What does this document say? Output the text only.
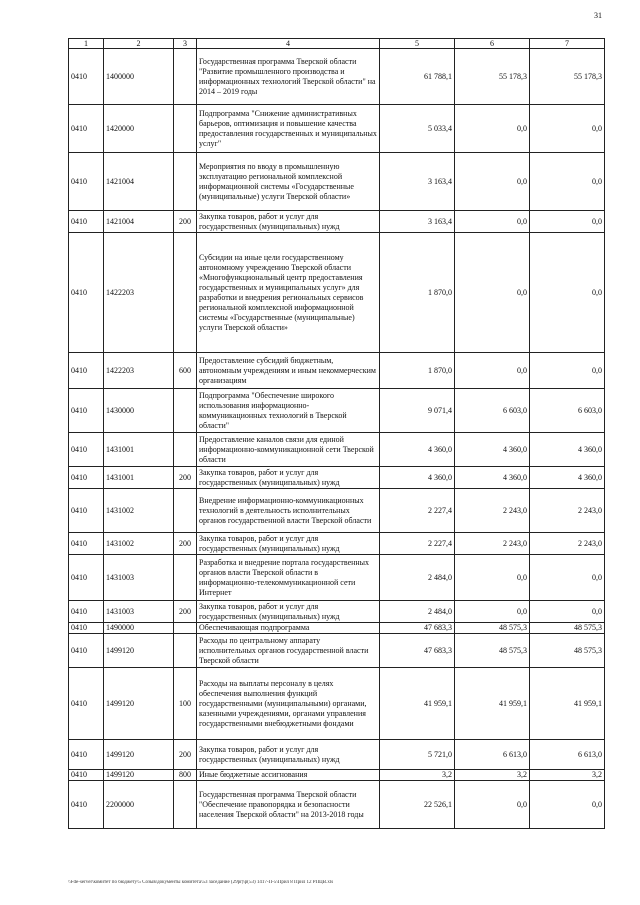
31
1	2	3	4	5	6	7
0410	1400000		Государственная программа Тверской области "Развитие промышленного производства и информационных технологий Тверской области" на 2014 – 2019 годы	61 788,1	55 178,3	55 178,3
0410	1420000		Подпрограмма "Снижение административных барьеров, оптимизация и повышение качества предоставления государственных и муниципальных услуг"	5 033,4	0,0	0,0
0410	1421004		Мероприятия по вводу в промышленную эксплуатацию региональной комплексной информационной системы «Государственные (муниципальные) услуги Тверской области»	3 163,4	0,0	0,0
0410	1421004	200	Закупка товаров, работ и услуг для государственных (муниципальных) нужд	3 163,4	0,0	0,0
0410	1422203		Субсидии на иные цели государственному автономному учреждению Тверской области «Многофункциональный центр предоставления государственных и муниципальных услуг» для разработки и внедрения региональных сервисов региональной комплексной информационной системы «Государственные (муниципальные) услуги Тверской области»	1 870,0	0,0	0,0
0410	1422203	600	Предоставление субсидий бюджетным, автономным учреждениям и иным некоммерческим организациям	1 870,0	0,0	0,0
0410	1430000		Подпрограмма "Обеспечение широкого использования информационно-коммуникационных технологий в Тверской области"	9 071,4	6 603,0	6 603,0
0410	1431001		Предоставление каналов связи для единой информационно-коммуникационной сети Тверской области	4 360,0	4 360,0	4 360,0
0410	1431001	200	Закупка товаров, работ и услуг для государственных (муниципальных) нужд	4 360,0	4 360,0	4 360,0
0410	1431002		Внедрение информационно-коммуникационных технологий в деятельность исполнительных органов государственной власти Тверской области	2 227,4	2 243,0	2 243,0
0410	1431002	200	Закупка товаров, работ и услуг для государственных (муниципальных) нужд	2 227,4	2 243,0	2 243,0
0410	1431003		Разработка и внедрение портала государственных органов власти Тверской области в информационно-телекоммуникационной сети Интернет	2 484,0	0,0	0,0
0410	1431003	200	Закупка товаров, работ и услуг для государственных (муниципальных) нужд	2 484,0	0,0	0,0
0410	1490000		Обеспечивающая подпрограмма	47 683,3	48 575,3	48 575,3
0410	1499120		Расходы по центральному аппарату исполнительных органов государственной власти Тверской области	47 683,3	48 575,3	48 575,3
0410	1499120	100	Расходы на выплаты персоналу в целях обеспечения выполнения функций государственными (муниципальными) органами, казенными учреждениями, органами управления государственными внебюджетными фондами	41 959,1	41 959,1	41 959,1
0410	1499120	200	Закупка товаров, работ и услуг для государственных (муниципальных) нужд	5 721,0	6 613,0	6 613,0
0410	1499120	800	Иные бюджетные ассигнования	3,2	3,2	3,2
0410	2200000		Государственная программа Тверской области "Обеспечение правопорядка и безопасности населения Тверской области" на 2013-2018 годы	22 526,1	0,0	0,0
\\Fde-server\комитет по бюджету\5 Созыв\документы комитета\53 заседание (29pr)\p(53) 1417-П-5\Прил 8 Прил 12 РПЦВ.xls
